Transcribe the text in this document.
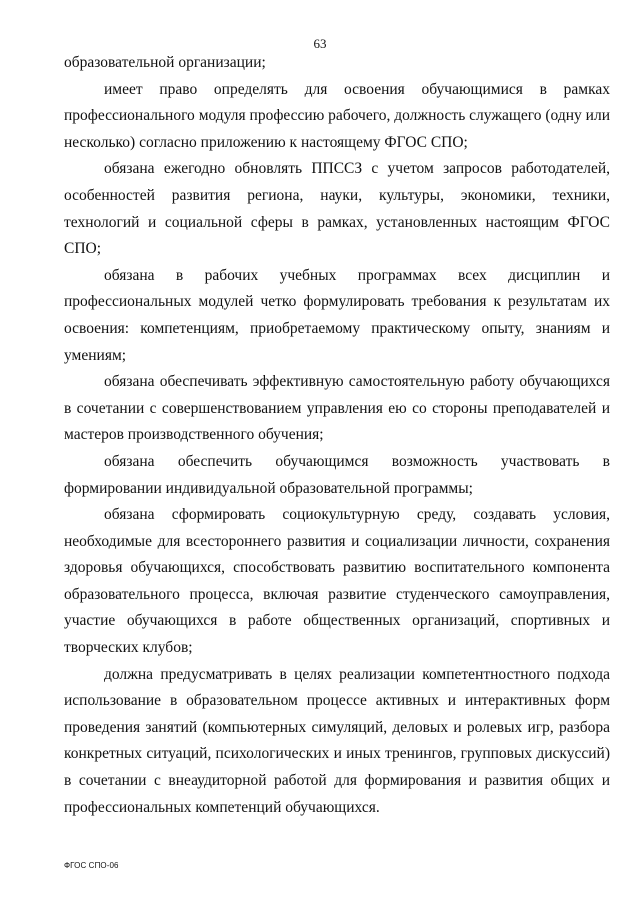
63

образовательной организации;

имеет право определять для освоения обучающимися в рамках профессионального модуля профессию рабочего, должность служащего (одну или несколько) согласно приложению к настоящему ФГОС СПО;

обязана ежегодно обновлять ППССЗ с учетом запросов работодателей, особенностей развития региона, науки, культуры, экономики, техники, технологий и социальной сферы в рамках, установленных настоящим ФГОС СПО;

обязана в рабочих учебных программах всех дисциплин и профессиональных модулей четко формулировать требования к результатам их освоения: компетенциям, приобретаемому практическому опыту, знаниям и умениям;

обязана обеспечивать эффективную самостоятельную работу обучающихся в сочетании с совершенствованием управления ею со стороны преподавателей и мастеров производственного обучения;

обязана обеспечить обучающимся возможность участвовать в формировании индивидуальной образовательной программы;

обязана сформировать социокультурную среду, создавать условия, необходимые для всестороннего развития и социализации личности, сохранения здоровья обучающихся, способствовать развитию воспитательного компонента образовательного процесса, включая развитие студенческого самоуправления, участие обучающихся в работе общественных организаций, спортивных и творческих клубов;

должна предусматривать в целях реализации компетентностного подхода использование в образовательном процессе активных и интерактивных форм проведения занятий (компьютерных симуляций, деловых и ролевых игр, разбора конкретных ситуаций, психологических и иных тренингов, групповых дискуссий) в сочетании с внеаудиторной работой для формирования и развития общих и профессиональных компетенций обучающихся.

ФГОС СПО-06
